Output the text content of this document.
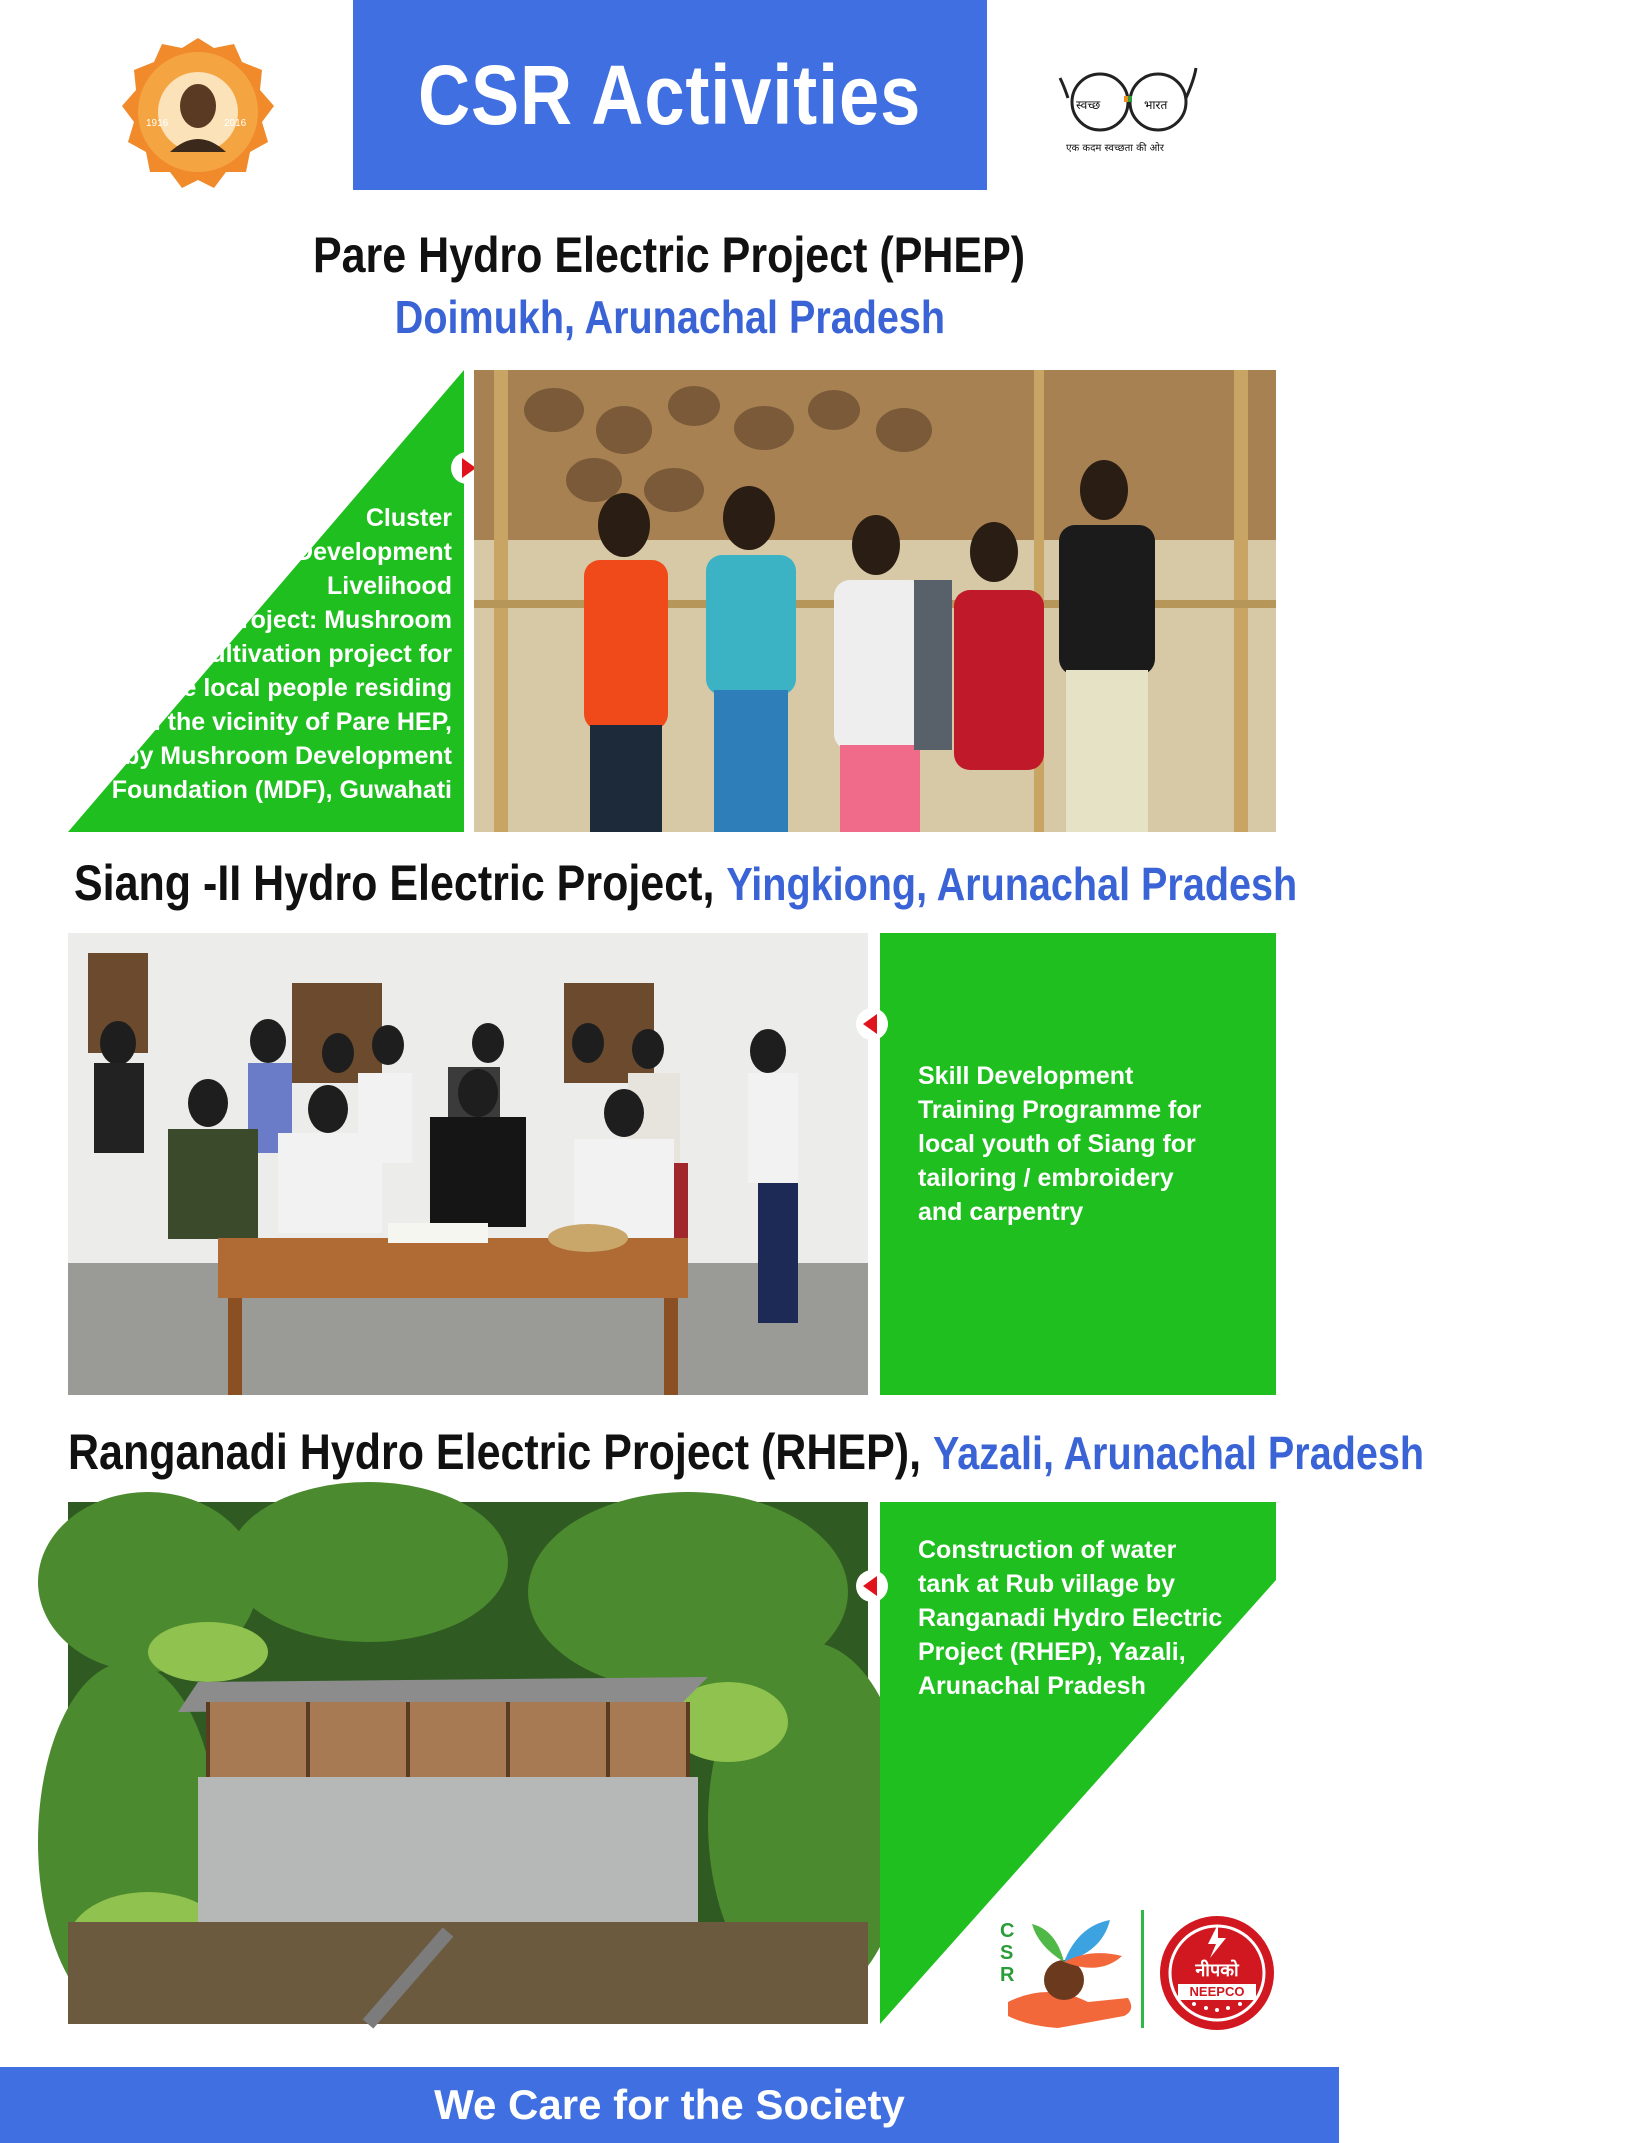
CSR Activities
1916	2016
स्वच्छ	भारत
एक कदम स्वच्छता की ओर
Pare Hydro Electric Project (PHEP)
Doimukh, Arunachal Pradesh
Cluster
Development
Livelihood
Project: Mushroom
cultivation project for
the local people residing
in the vicinity of Pare HEP,
by Mushroom Development
Foundation (MDF), Guwahati
Siang -II Hydro Electric Project, Yingkiong, Arunachal Pradesh
Skill Development
Training Programme for
local youth of Siang for
tailoring / embroidery
and carpentry
Ranganadi Hydro Electric Project (RHEP), Yazali, Arunachal Pradesh
Construction of water
tank at Rub village by
Ranganadi Hydro Electric
Project (RHEP), Yazali,
Arunachal Pradesh
CSR	नीपको
NEEPCO
We Care for the Society
